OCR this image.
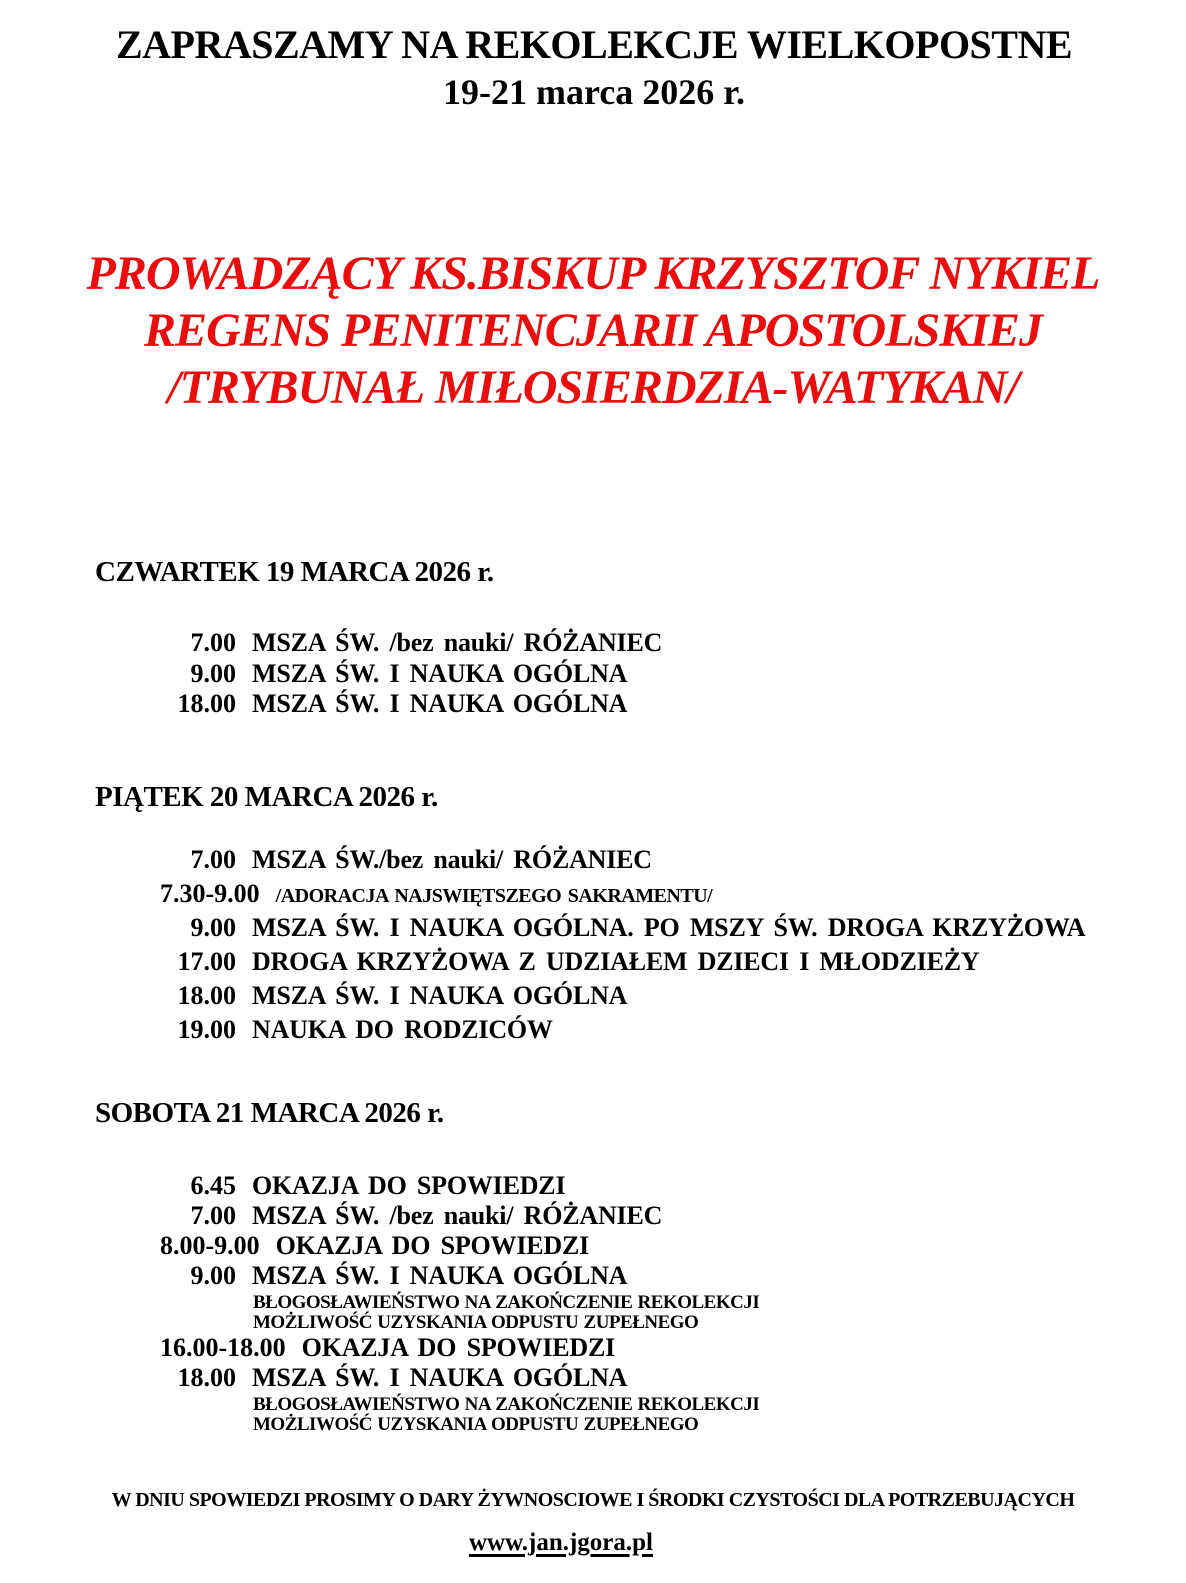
ZAPRASZAMY NA REKOLEKCJE WIELKOPOSTNE
19-21 marca 2026 r.
PROWADZĄCY KS.BISKUP KRZYSZTOF NYKIEL
REGENS PENITENCJARII APOSTOLSKIEJ
/TRYBUNAŁ MIŁOSIERDZIA-WATYKAN/
CZWARTEK 19 MARCA 2026 r.
7.00 MSZA ŚW. /bez nauki/ RÓŻANIEC
9.00 MSZA ŚW. I NAUKA OGÓLNA
18.00 MSZA ŚW. I NAUKA OGÓLNA
PIĄTEK 20 MARCA 2026 r.
7.00 MSZA ŚW./bez nauki/ RÓŻANIEC
7.30-9.00 /ADORACJA NAJSWIĘTSZEGO SAKRAMENTU/
9.00 MSZA ŚW. I NAUKA OGÓLNA. PO MSZY ŚW. DROGA KRZYŻOWA
17.00 DROGA KRZYŻOWA Z UDZIAŁEM DZIECI I MŁODZIEŻY
18.00 MSZA ŚW. I NAUKA OGÓLNA
19.00 NAUKA DO RODZICÓW
SOBOTA 21 MARCA 2026 r.
6.45 OKAZJA DO SPOWIEDZI
7.00 MSZA ŚW. /bez nauki/ RÓŻANIEC
8.00-9.00 OKAZJA DO SPOWIEDZI
9.00 MSZA ŚW. I NAUKA OGÓLNA
BŁOGOSŁAWIEŃSTWO NA ZAKOŃCZENIE REKOLEKCJI
MOŻLIWOŚĆ UZYSKANIA ODPUSTU ZUPEŁNEGO
16.00-18.00 OKAZJA DO SPOWIEDZI
18.00 MSZA ŚW. I NAUKA OGÓLNA
BŁOGOSŁAWIEŃSTWO NA ZAKOŃCZENIE REKOLEKCJI
MOŻLIWOŚĆ UZYSKANIA ODPUSTU ZUPEŁNEGO
W DNIU SPOWIEDZI PROSIMY O DARY ŻYWNOSCIOWE I ŚRODKI CZYSTOŚCI DLA POTRZEBUJĄCYCH
www.jan.jgora.pl
